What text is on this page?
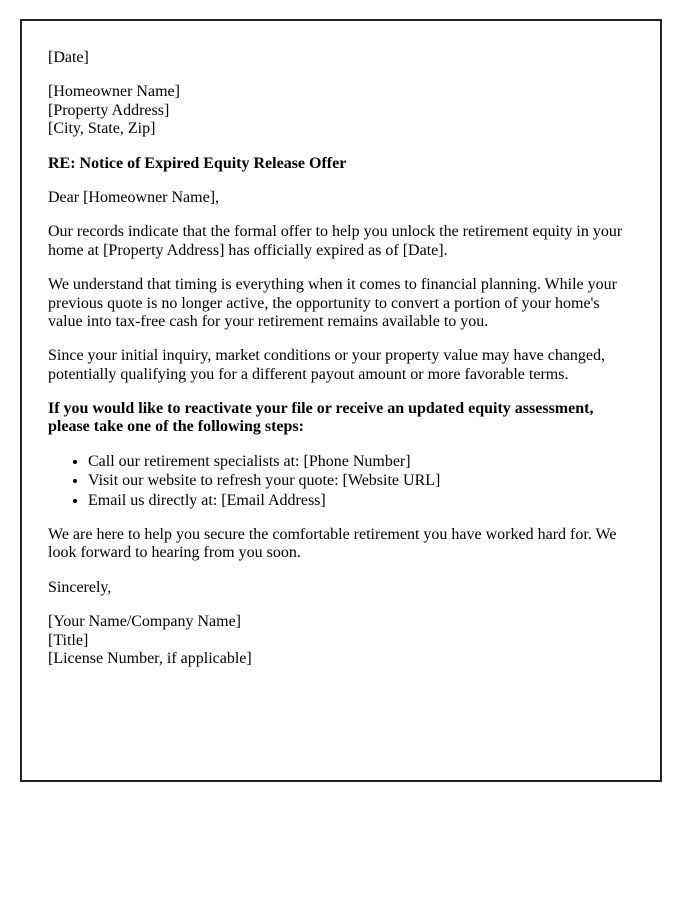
[Date]

[Homeowner Name]
[Property Address]
[City, State, Zip]

RE: Notice of Expired Equity Release Offer

Dear [Homeowner Name],

Our records indicate that the formal offer to help you unlock the retirement equity in your home at [Property Address] has officially expired as of [Date].

We understand that timing is everything when it comes to financial planning. While your previous quote is no longer active, the opportunity to convert a portion of your home's value into tax-free cash for your retirement remains available to you.

Since your initial inquiry, market conditions or your property value may have changed, potentially qualifying you for a different payout amount or more favorable terms.

If you would like to reactivate your file or receive an updated equity assessment, please take one of the following steps:

• Call our retirement specialists at: [Phone Number]
• Visit our website to refresh your quote: [Website URL]
• Email us directly at: [Email Address]

We are here to help you secure the comfortable retirement you have worked hard for. We look forward to hearing from you soon.

Sincerely,

[Your Name/Company Name]
[Title]
[License Number, if applicable]
